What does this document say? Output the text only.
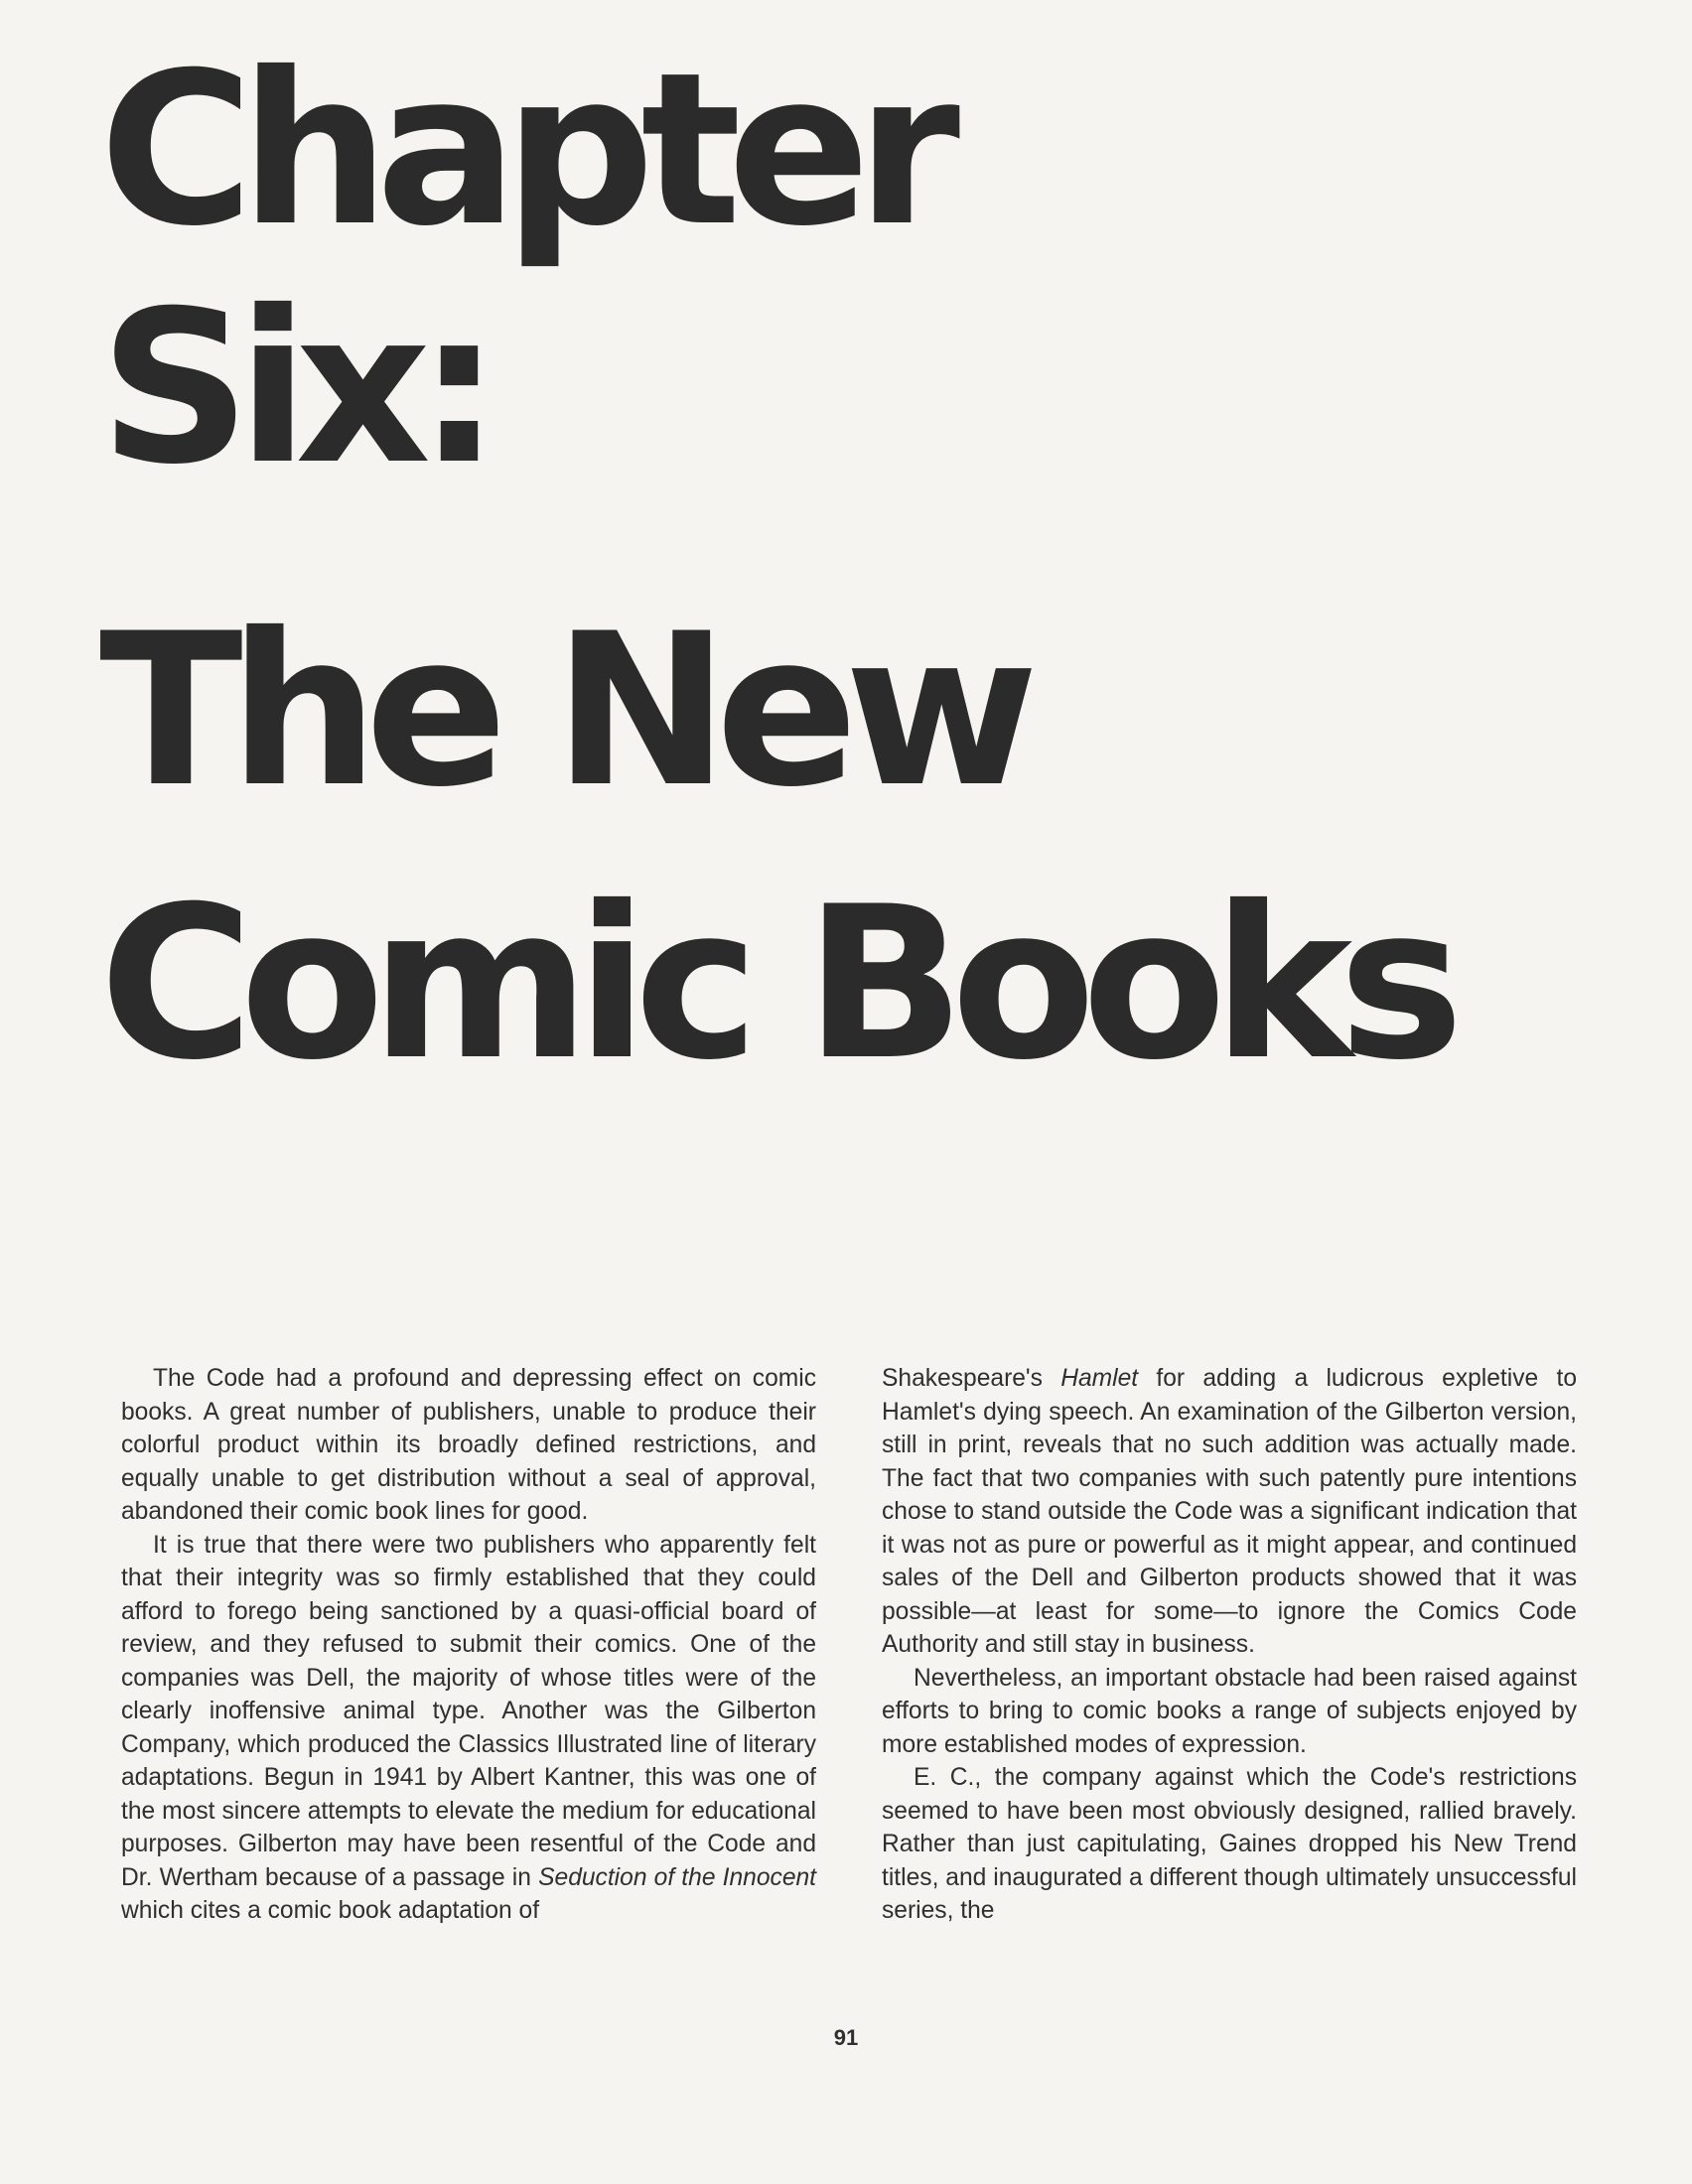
Chapter
Six:
The New
Comic Books

The Code had a profound and depressing effect on comic books. A great number of publishers, unable to produce their colorful product within its broadly defined restrictions, and equally unable to get distribution without a seal of approval, abandoned their comic book lines for good.

It is true that there were two publishers who apparently felt that their integrity was so firmly established that they could afford to forego being sanctioned by a quasi-official board of review, and they refused to submit their comics. One of the companies was Dell, the majority of whose titles were of the clearly inoffensive animal type. Another was the Gilberton Company, which produced the Classics Illustrated line of literary adaptations. Begun in 1941 by Albert Kantner, this was one of the most sincere attempts to elevate the medium for educational purposes. Gilberton may have been resentful of the Code and Dr. Wertham because of a passage in Seduction of the Innocent which cites a comic book adaptation of

Shakespeare's Hamlet for adding a ludicrous expletive to Hamlet's dying speech. An examination of the Gilberton version, still in print, reveals that no such addition was actually made. The fact that two companies with such patently pure intentions chose to stand outside the Code was a significant indication that it was not as pure or powerful as it might appear, and continued sales of the Dell and Gilberton products showed that it was possible—at least for some—to ignore the Comics Code Authority and still stay in business.

Nevertheless, an important obstacle had been raised against efforts to bring to comic books a range of subjects enjoyed by more established modes of expression.

E. C., the company against which the Code's restrictions seemed to have been most obviously designed, rallied bravely. Rather than just capitulating, Gaines dropped his New Trend titles, and inaugurated a different though ultimately unsuccessful series, the

91
